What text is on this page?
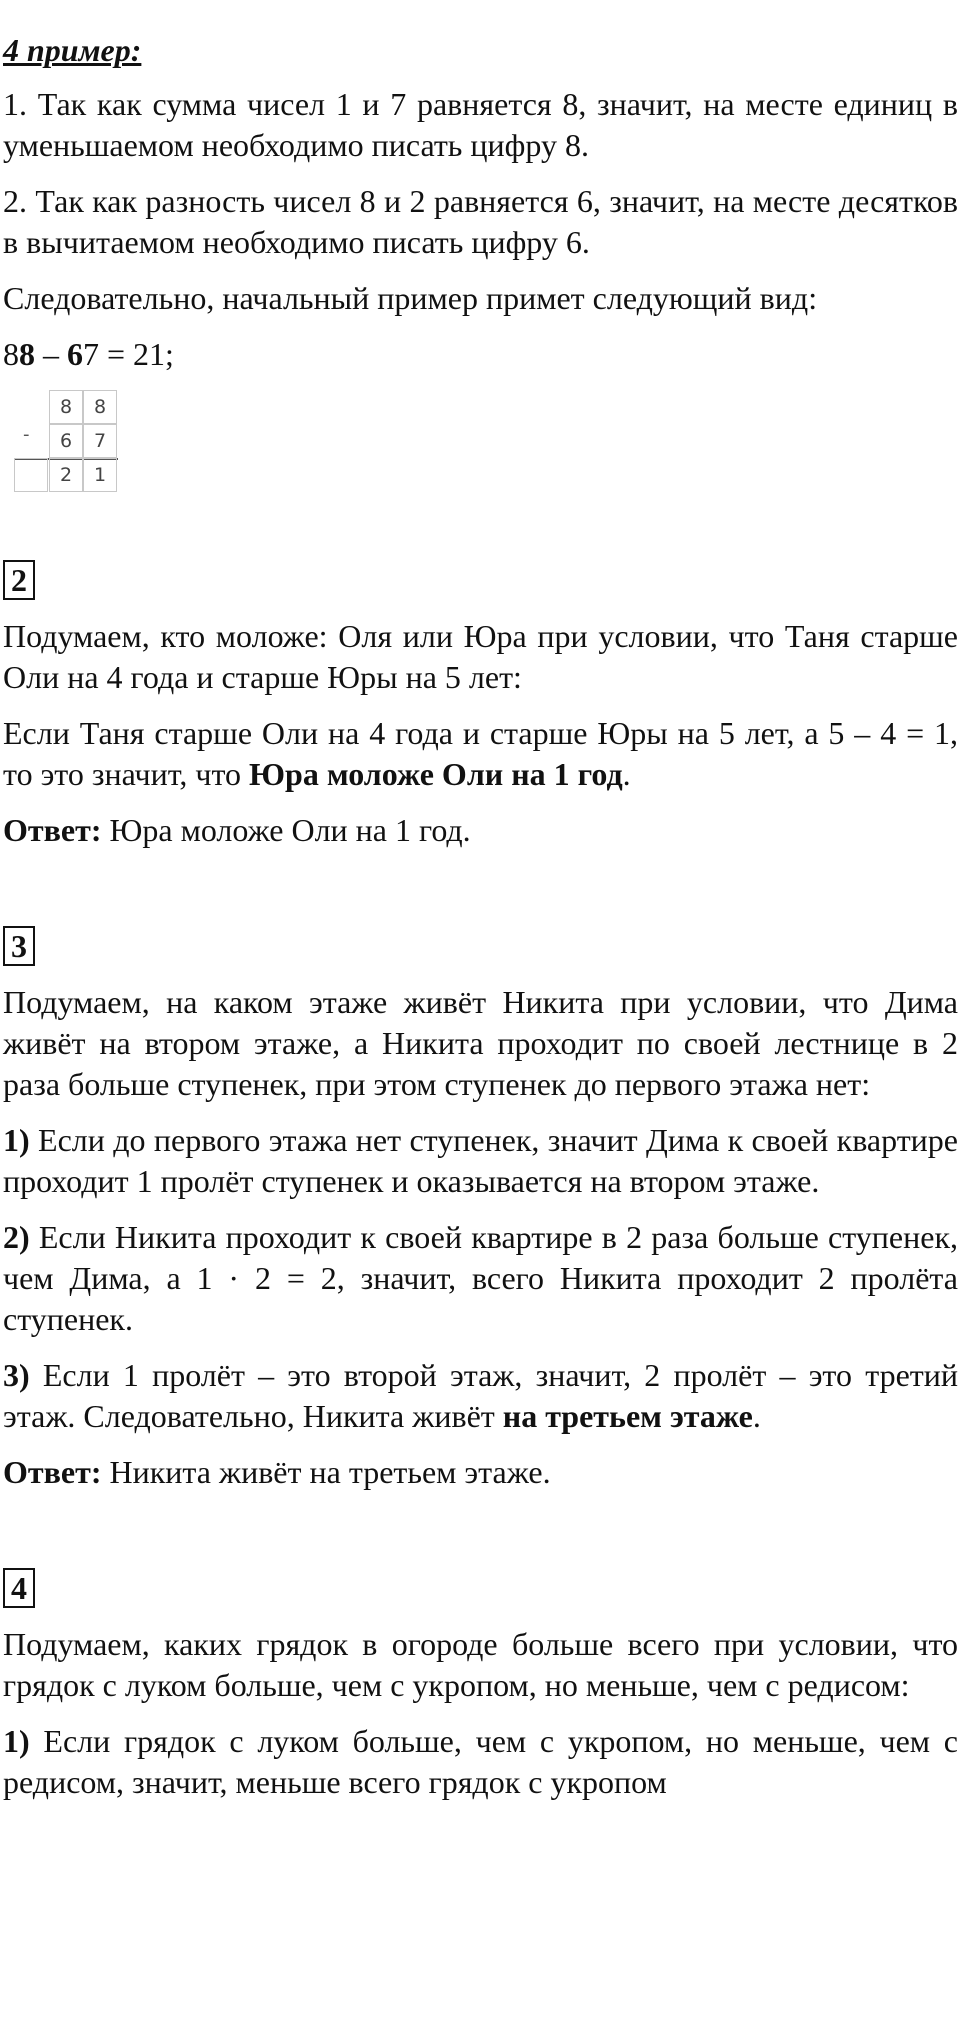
4 пример:

1. Так как сумма чисел 1 и 7 равняется 8, значит, на месте единиц в уменьшаемом необходимо писать цифру 8.

2. Так как разность чисел 8 и 2 равняется 6, значит, на месте десятков в вычитаемом необходимо писать цифру 6.

Следовательно, начальный пример примет следующий вид:

88 – 67 = 21;

-
8	8
6	7
2	1
2

Подумаем, кто моложе: Оля или Юра при условии, что Таня старше Оли на 4 года и старше Юры на 5 лет:

Если Таня старше Оли на 4 года и старше Юры на 5 лет, а 5 – 4 = 1, то это значит, что Юра моложе Оли на 1 год.

Ответ: Юра моложе Оли на 1 год.

3

Подумаем, на каком этаже живёт Никита при условии, что Дима живёт на втором этаже, а Никита проходит по своей лестнице в 2 раза больше ступенек, при этом ступенек до первого этажа нет:

1) Если до первого этажа нет ступенек, значит Дима к своей квартире проходит 1 пролёт ступенек и оказывается на втором этаже.

2) Если Никита проходит к своей квартире в 2 раза больше ступенек, чем Дима, а 1 · 2 = 2, значит, всего Никита проходит 2 пролёта ступенек.

3) Если 1 пролёт – это второй этаж, значит, 2 пролёт – это третий этаж. Следовательно, Никита живёт на третьем этаже.

Ответ: Никита живёт на третьем этаже.

4

Подумаем, каких грядок в огороде больше всего при условии, что грядок с луком больше, чем с укропом, но меньше, чем с редисом:

1) Если грядок с луком больше, чем с укропом, но меньше, чем с редисом, значит, меньше всего грядок с укропом
